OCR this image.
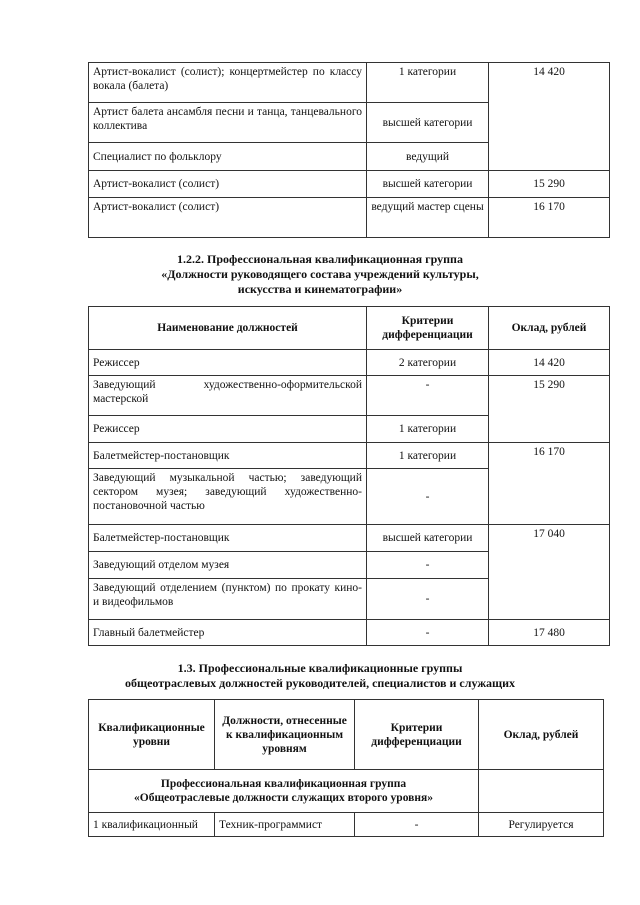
Артист-вокалист (солист); концертмейстер по классу вокала (балета)	1 категории	14 420
Артист балета ансамбля песни и танца, танцевального коллектива	высшей категории	
Специалист по фольклору	ведущий	
Артист-вокалист (солист)	высшей категории	15 290
Артист-вокалист (солист)	ведущий мастер сцены	16 170
1.2.2. Профессиональная квалификационная группа
«Должности руководящего состава учреждений культуры,
искусства и кинематографии»
Наименование должностей	Критерии дифференциации	Оклад, рублей
Режиссер	2 категории	14 420
Заведующий художественно-оформительской мастерской	-	15 290
Режиссер	1 категории	
Балетмейстер-постановщик	1 категории	16 170
Заведующий музыкальной частью; заведующий сектором музея; заведующий художественно-постановочной частью	-	
Балетмейстер-постановщик	высшей категории	17 040
Заведующий отделом музея	-	
Заведующий отделением (пунктом) по прокату кино- и видеофильмов	-	
Главный балетмейстер	-	17 480
1.3. Профессиональные квалификационные группы
общеотраслевых должностей руководителей, специалистов и служащих
Квалификационные уровни	Должности, отнесенные к квалификационным уровням	Критерии дифференциации	Оклад, рублей

Профессиональная квалификационная группа
«Общеотраслевые должности служащих второго уровня»			

1 квалификационный	Техник-программист	-	Регулируется
